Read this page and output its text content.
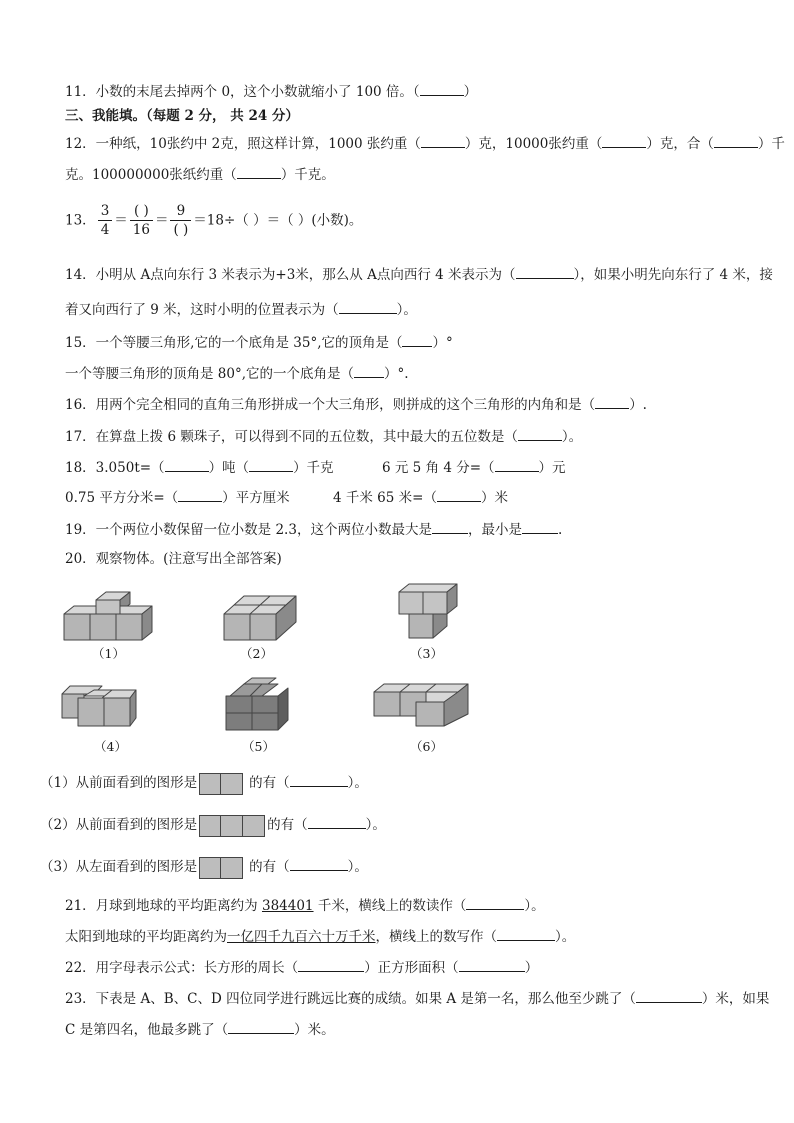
11．小数的末尾去掉两个 0，这个小数就缩小了 100 倍。（	）
三、我能填。（每题 2 分， 共 24 分）
12．一种纸，10张约中 2克，照这样计算，1000 张约重（	）克，10000张约重（	）克，合（	）千
克。100000000张纸约重（	）千克。
13． $\frac{3}{4} = \frac{( )}{16} = \frac{9}{( )} =18\div$（ ）＝（ ）(小数)。
14．小明从 A点向东行 3 米表示为+3米，那么从 A点向西行 4 米表示为（	），如果小明先向东行了 4 米，接
着又向西行了 9 米，这时小明的位置表示为（	）。
15．一个等腰三角形,它的一个底角是 35°,它的顶角是（ ）°
一个等腰三角形的顶角是 80°,它的一个底角是（ ）°.
16．用两个完全相同的直角三角形拼成一个大三角形，则拼成的这个三角形的内角和是（	）.
17．在算盘上拨 6 颗珠子，可以得到不同的五位数，其中最大的五位数是（	）。
18．3.050t=（	）吨（	）千克	6 元 5 角 4 分=（	）元
0.75 平方分米=（	）平方厘米	4 千米 65 米=（	）米
19．一个两位小数保留一位小数是 2.3，这个两位小数最大是	，最小是	.
20．观察物体。(注意写出全部答案)
（1）	（2）	（3）
（4）	（5）	（6）
（1）从前面看到的图形是	的有（	）。
（2）从前面看到的图形是	的有（	）。
（3）从左面看到的图形是	的有（	）。
21．月球到地球的平均距离约为 384401 千米，横线上的数读作（	）。
太阳到地球的平均距离约为一亿四千九百六十万千米，横线上的数写作（	）。
22．用字母表示公式：长方形的周长（	）正方形面积（	）
23．下表是 A、B、C、D 四位同学进行跳远比赛的成绩。如果 A 是第一名，那么他至少跳了（	）米，如果
C 是第四名，他最多跳了（	）米。
